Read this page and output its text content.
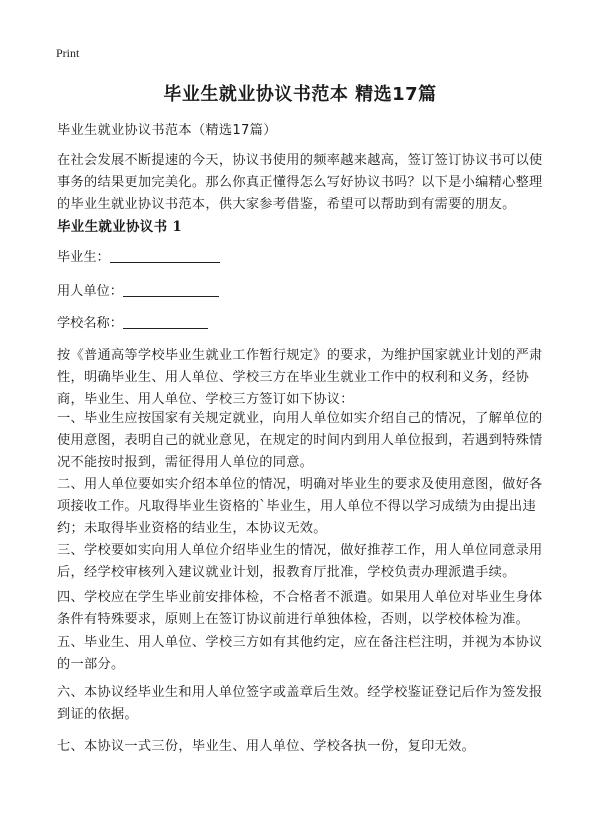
Print
毕业生就业协议书范本 精选17篇
毕业生就业协议书范本（精选17篇）

在社会发展不断提速的今天，协议书使用的频率越来越高，签订签订协议书可以使事务的结果更加完美化。那么你真正懂得怎么写好协议书吗？以下是小编精心整理的毕业生就业协议书范本，供大家参考借鉴，希望可以帮助到有需要的朋友。

毕业生就业协议书 1
毕业生：
用人单位：
学校名称：

按《普通高等学校毕业生就业工作暂行规定》的要求，为维护国家就业计划的严肃性，明确毕业生、用人单位、学校三方在毕业生就业工作中的权利和义务，经协商，毕业生、用人单位、学校三方签订如下协议：

一、毕业生应按国家有关规定就业，向用人单位如实介绍自己的情况，了解单位的使用意图，表明自己的就业意见，在规定的时间内到用人单位报到，若遇到特殊情况不能按时报到，需征得用人单位的同意。

二、用人单位要如实介绍本单位的情况，明确对毕业生的要求及使用意图，做好各项接收工作。凡取得毕业生资格的`毕业生，用人单位不得以学习成绩为由提出违约；未取得毕业资格的结业生，本协议无效。

三、学校要如实向用人单位介绍毕业生的情况，做好推荐工作，用人单位同意录用后，经学校审核列入建议就业计划，报教育厅批准，学校负责办理派遣手续。

四、学校应在学生毕业前安排体检，不合格者不派遣。如果用人单位对毕业生身体条件有特殊要求，原则上在签订协议前进行单独体检，否则，以学校体检为准。

五、毕业生、用人单位、学校三方如有其他约定，应在备注栏注明，并视为本协议的一部分。

六、本协议经毕业生和用人单位签字或盖章后生效。经学校鉴证登记后作为签发报到证的依据。

七、本协议一式三份，毕业生、用人单位、学校各执一份，复印无效。
